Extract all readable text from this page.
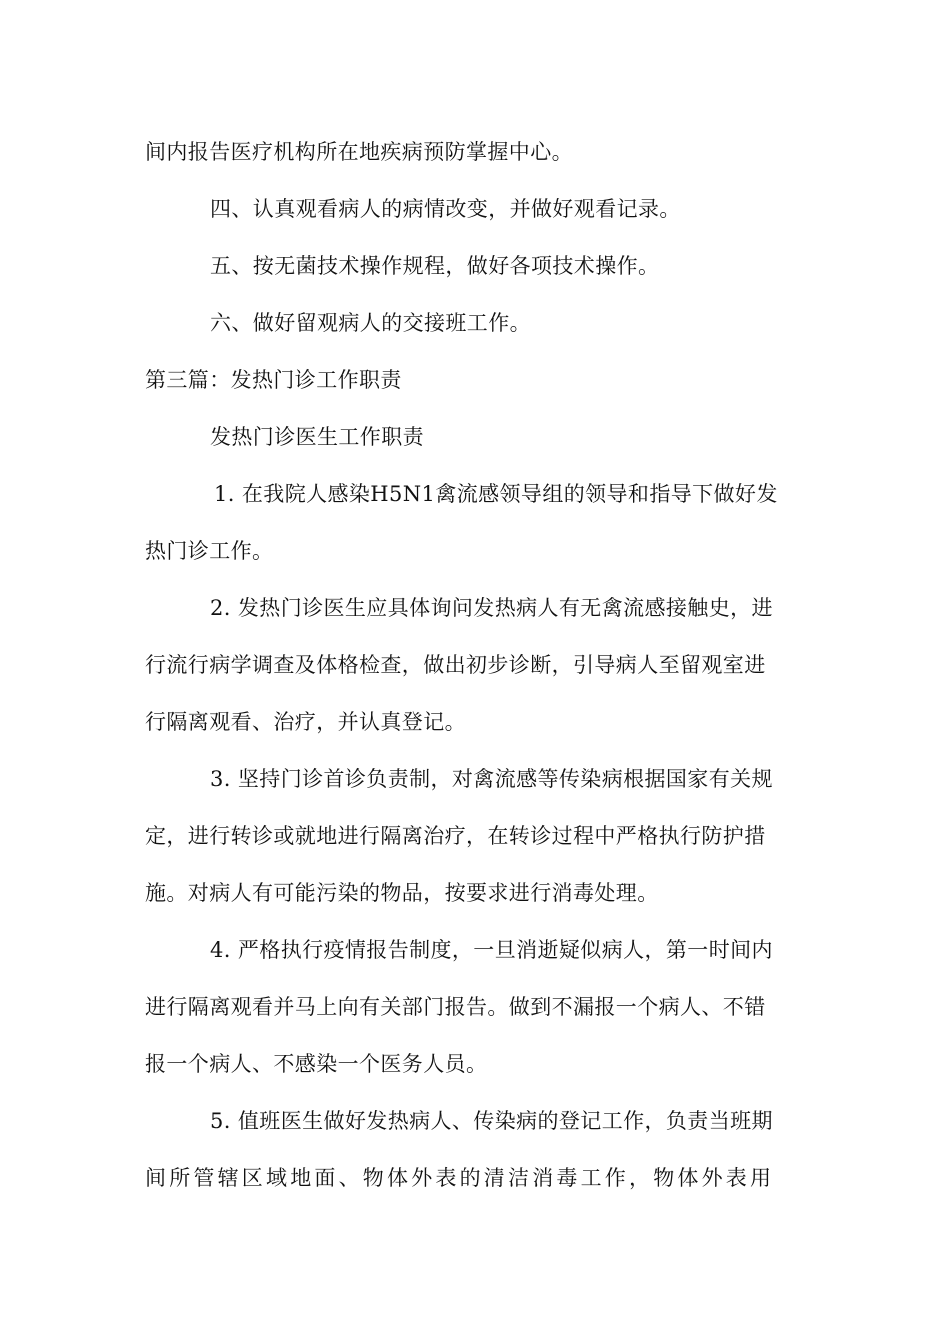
间内报告医疗机构所在地疾病预防掌握中心。
四、认真观看病人的病情改变，并做好观看记录。
五、按无菌技术操作规程，做好各项技术操作。
六、做好留观病人的交接班工作。
第三篇：发热门诊工作职责
发热门诊医生工作职责
1. 在我院人感染H5N1禽流感领导组的领导和指导下做好发
热门诊工作。
2. 发热门诊医生应具体询问发热病人有无禽流感接触史，进
行流行病学调查及体格检查，做出初步诊断，引导病人至留观室进
行隔离观看、治疗，并认真登记。
3. 坚持门诊首诊负责制，对禽流感等传染病根据国家有关规
定，进行转诊或就地进行隔离治疗，在转诊过程中严格执行防护措
施。对病人有可能污染的物品，按要求进行消毒处理。
4. 严格执行疫情报告制度，一旦消逝疑似病人，第一时间内
进行隔离观看并马上向有关部门报告。做到不漏报一个病人、不错
报一个病人、不感染一个医务人员。
5. 值班医生做好发热病人、传染病的登记工作，负责当班期
间所管辖区域地面、物体外表的清洁消毒工作，物体外表用
